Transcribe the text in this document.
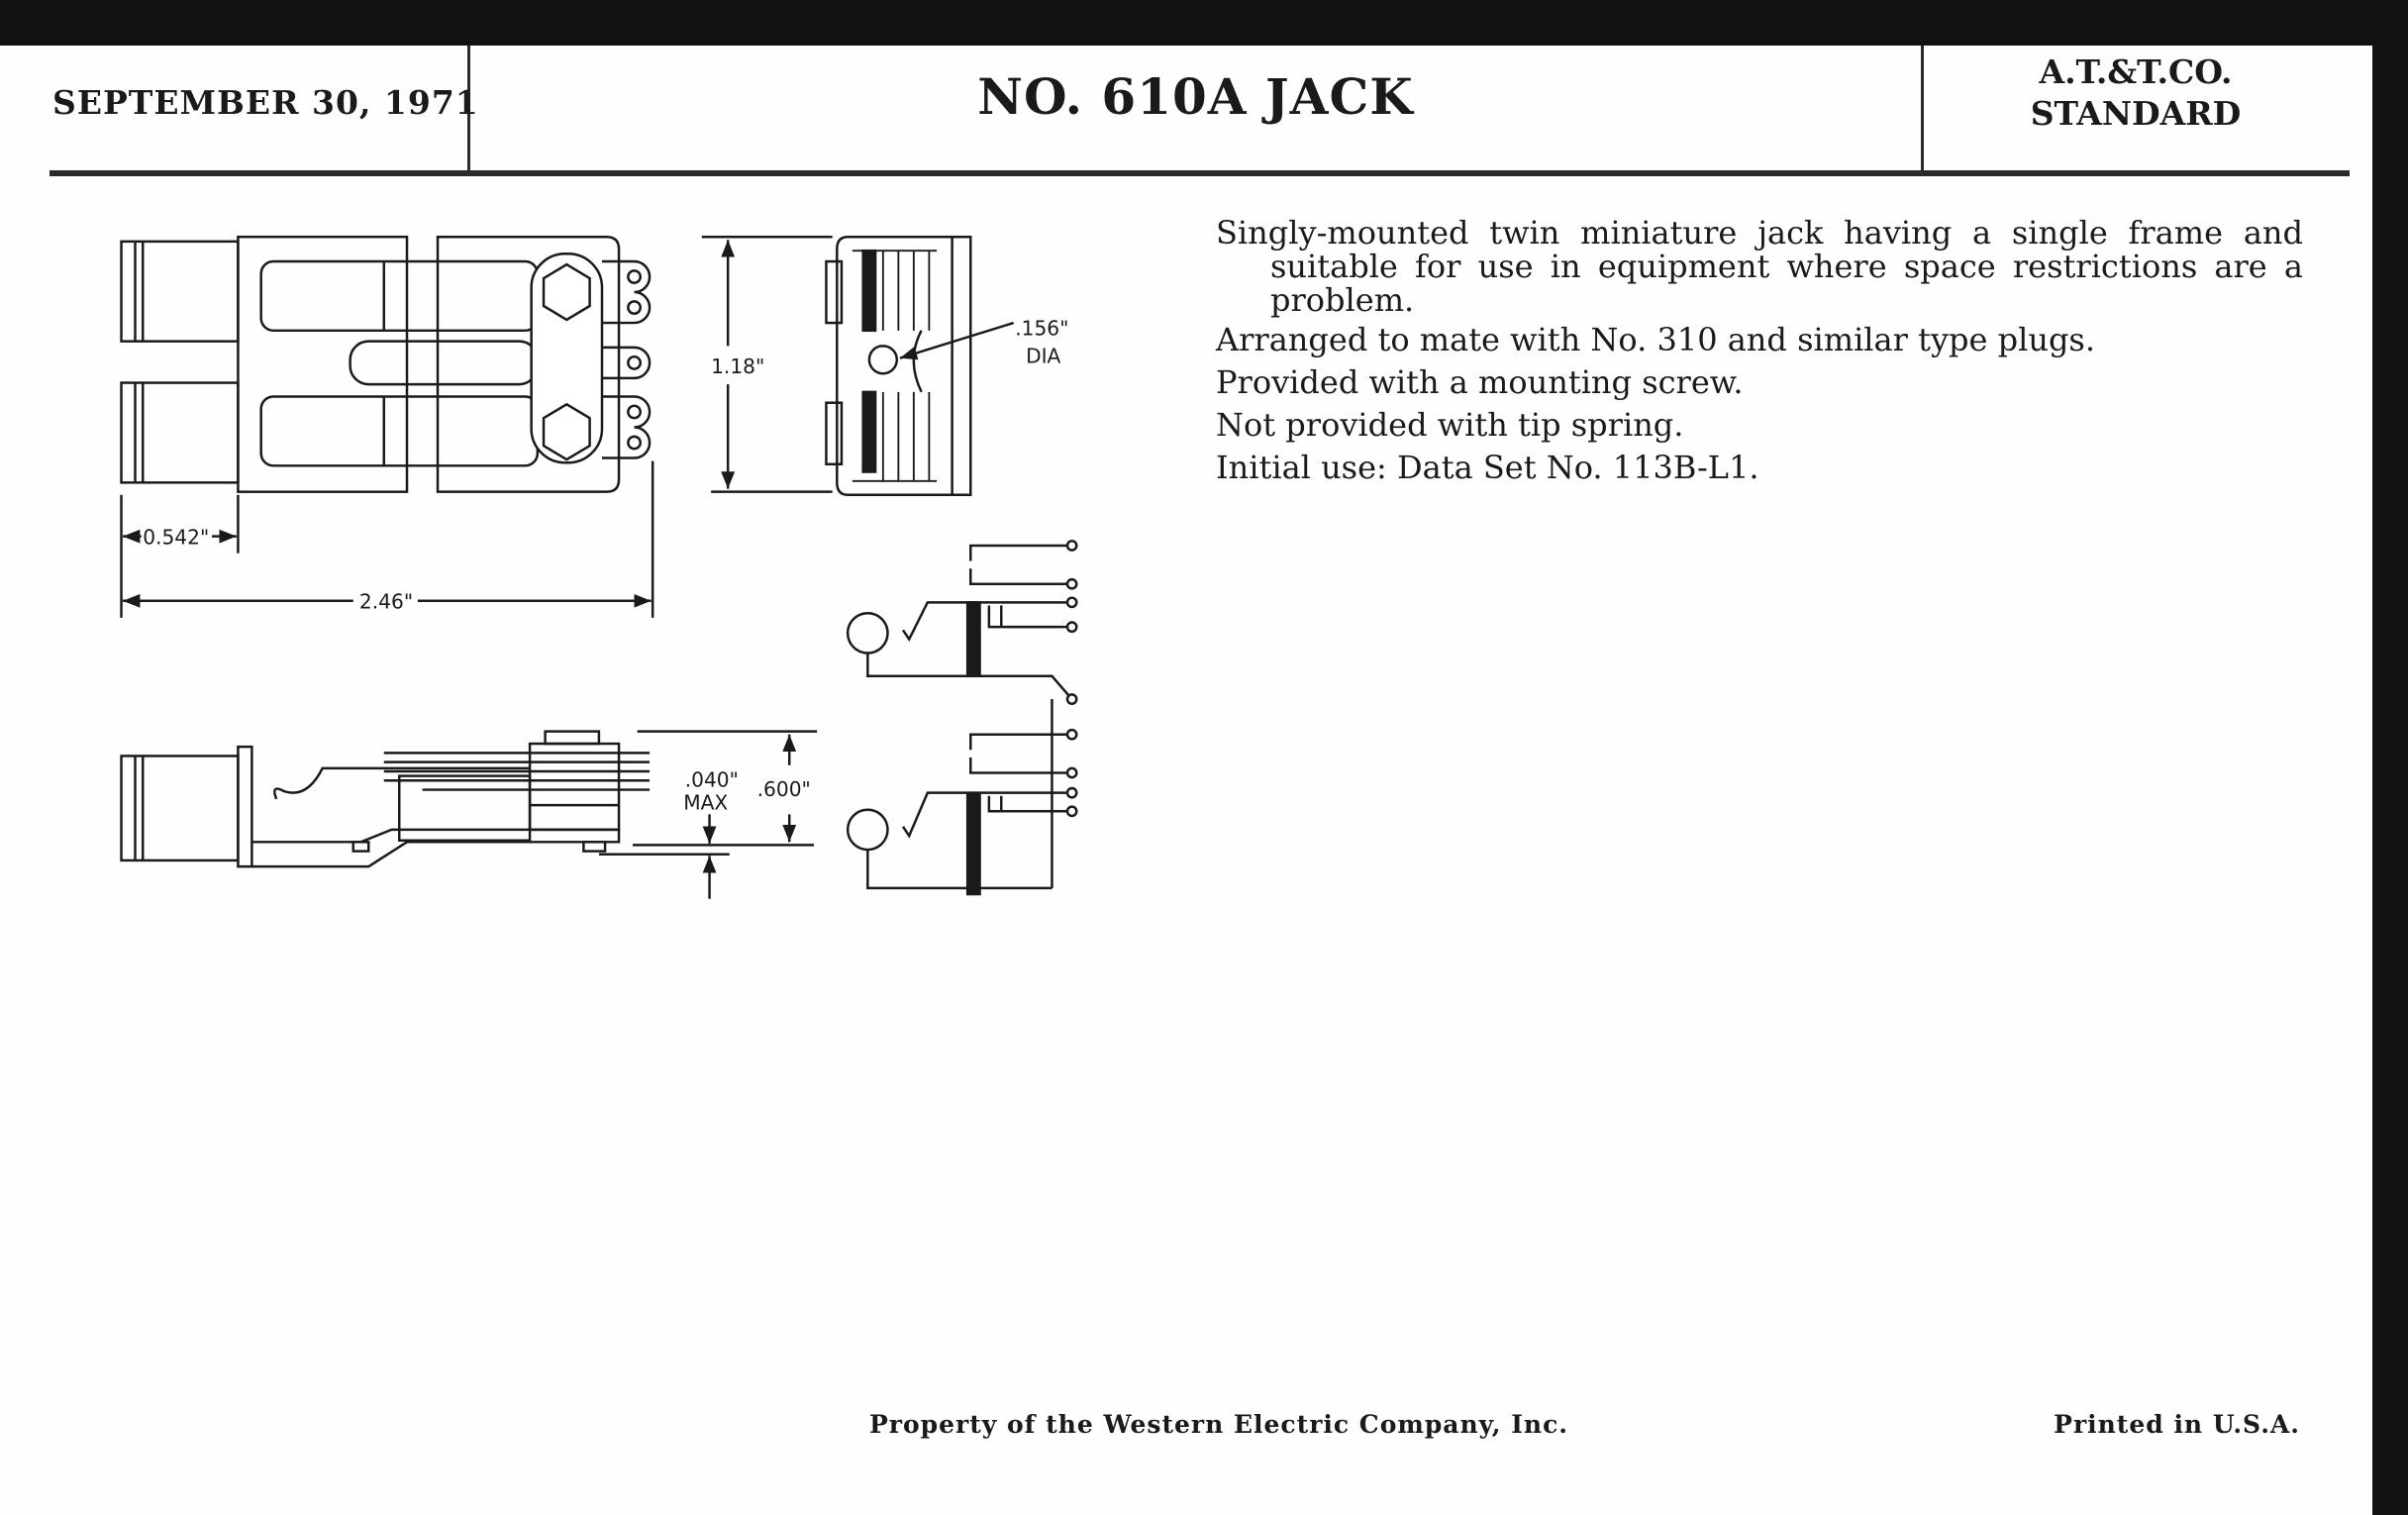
SEPTEMBER 30, 1971	NO. 610A JACK	A.T.&T.CO.
STANDARD

Singly-mounted twin miniature jack having a single frame and suitable for use in equipment where space restrictions are a problem.

Arranged to mate with No. 310 and similar type plugs.

Provided with a mounting screw.

Not provided with tip spring.

Initial use: Data Set No. 113B-L1.

Property of the Western Electric Company, Inc.	Printed in U.S.A.
0.542"
2.46"
1.18"
.156"
DIA
.040"
MAX
.600"
